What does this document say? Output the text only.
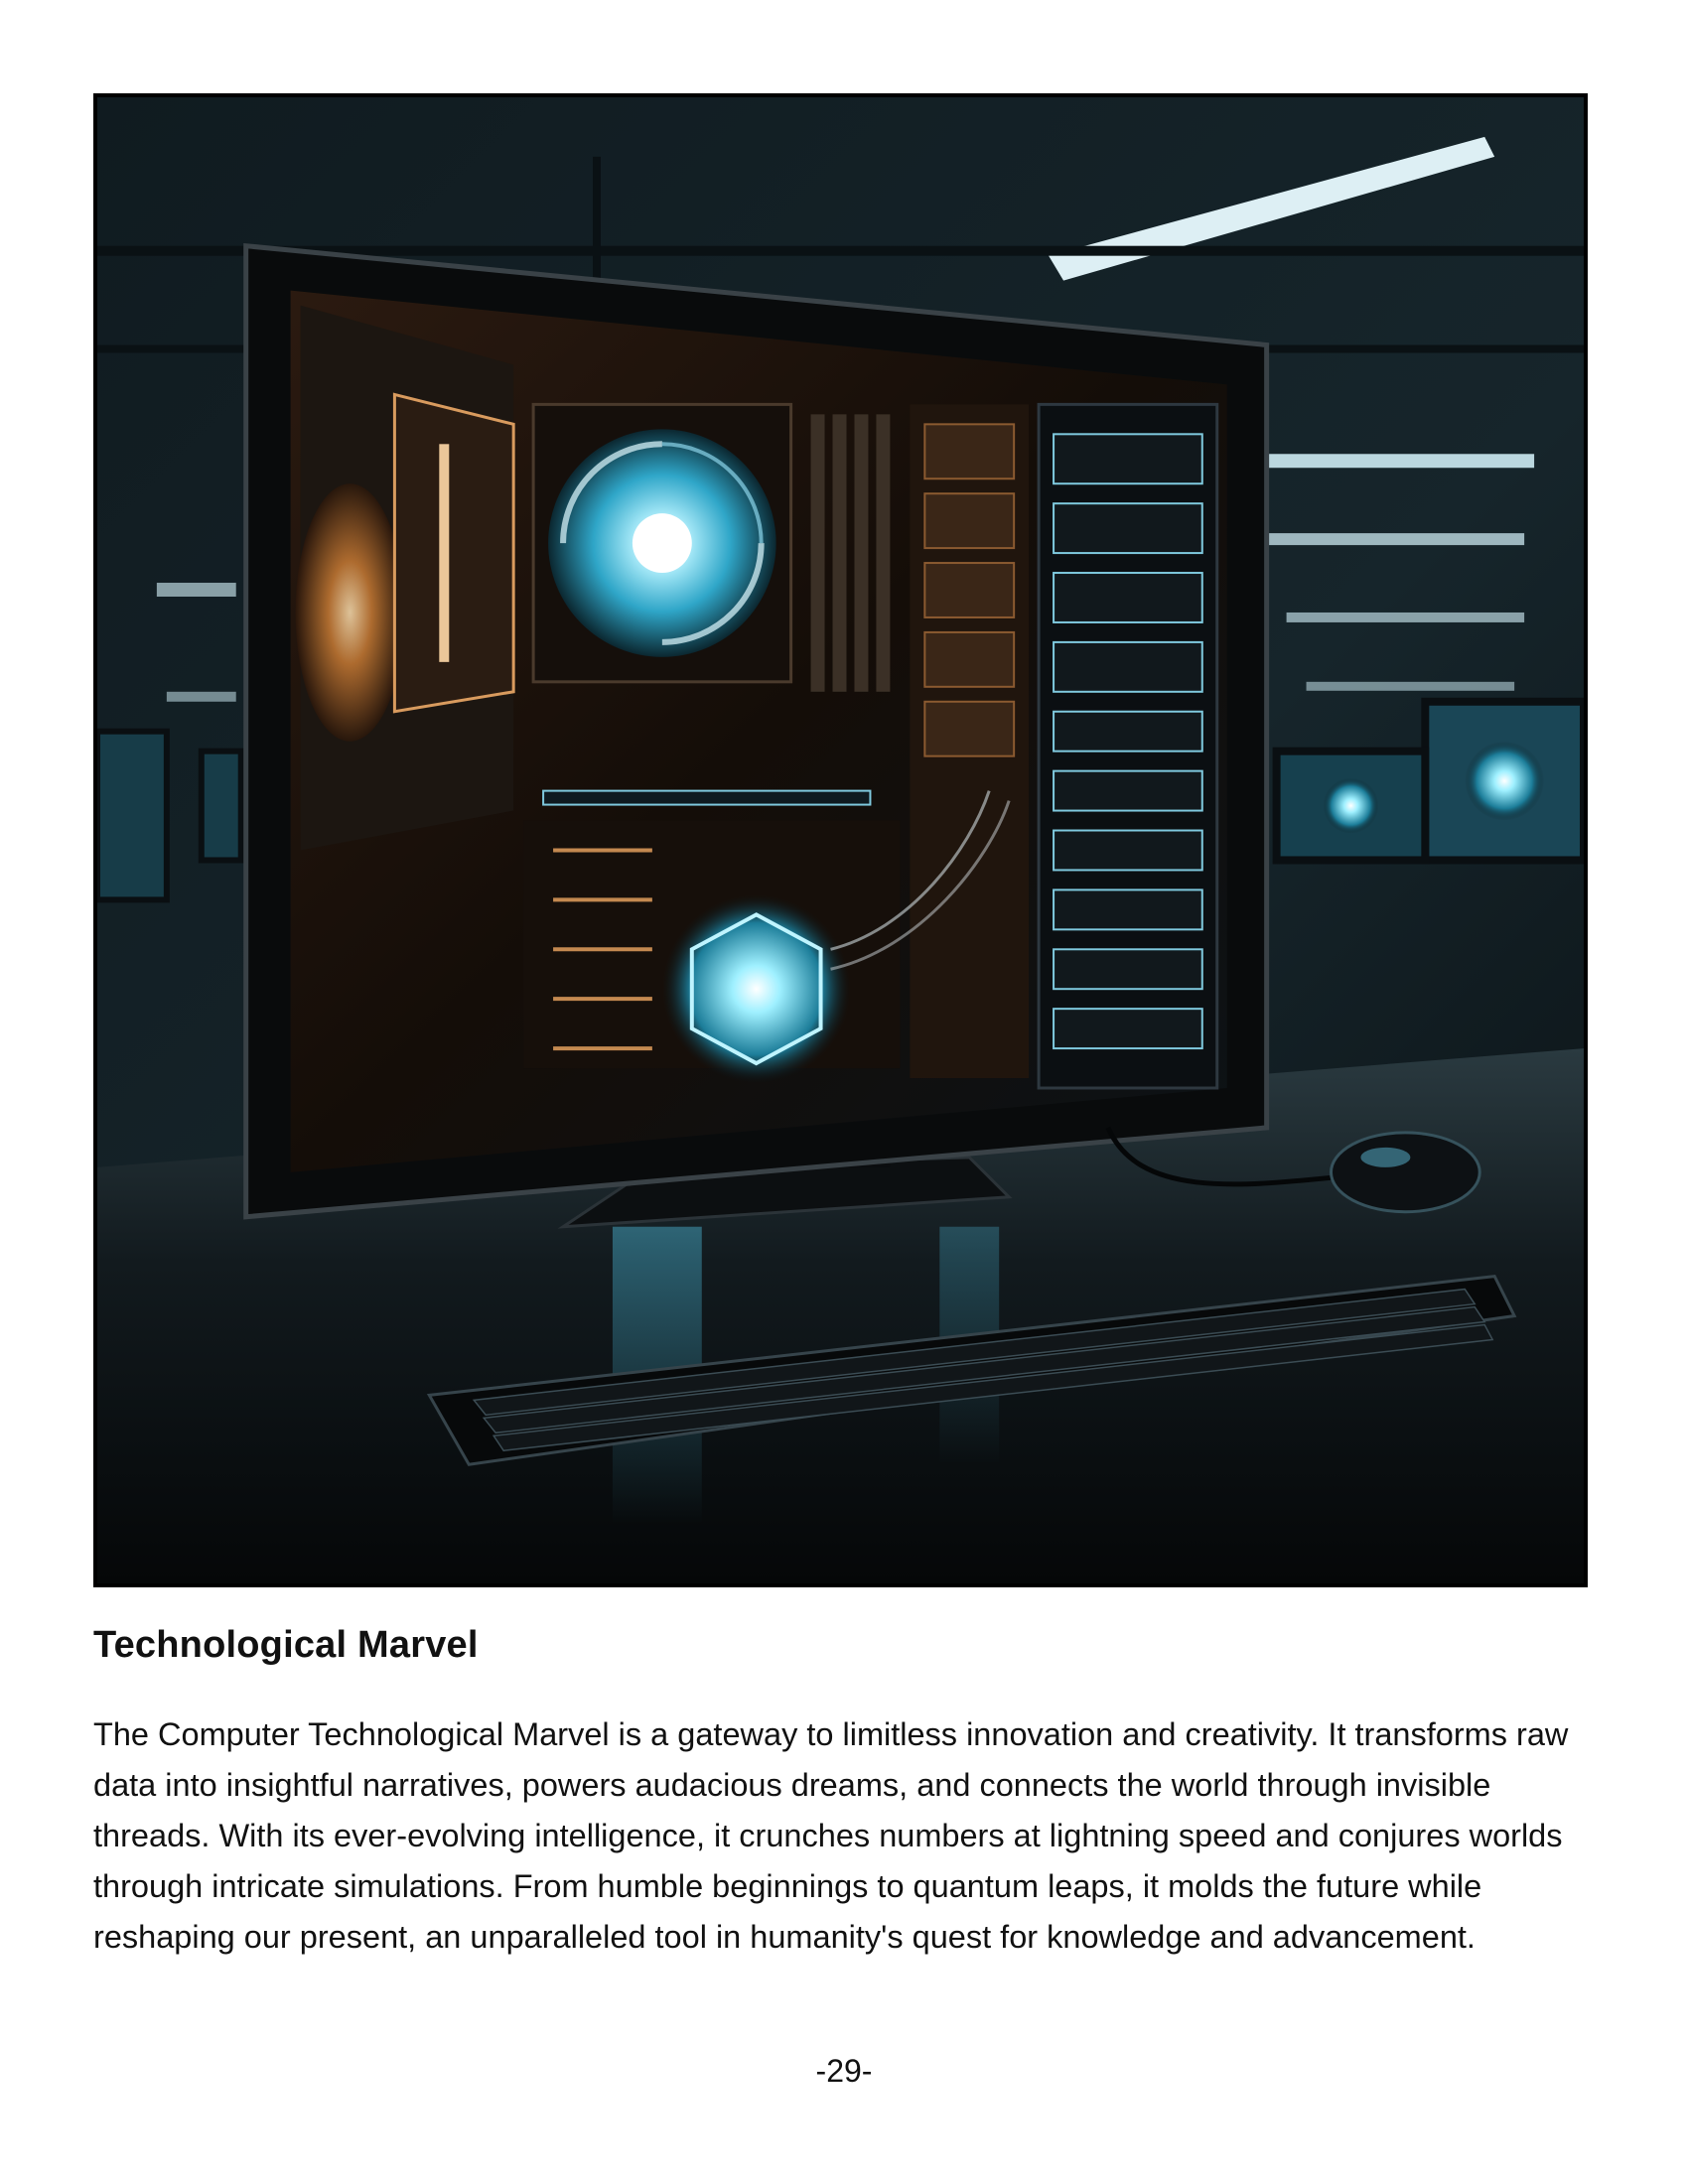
Technological Marvel
The Computer Technological Marvel is a gateway to limitless innovation and creativity. It transforms raw data into insightful narratives, powers audacious dreams, and connects the world through invisible threads. With its ever-evolving intelligence, it crunches numbers at lightning speed and conjures worlds through intricate simulations. From humble beginnings to quantum leaps, it molds the future while reshaping our present, an unparalleled tool in humanity's quest for knowledge and advancement.
-29-
